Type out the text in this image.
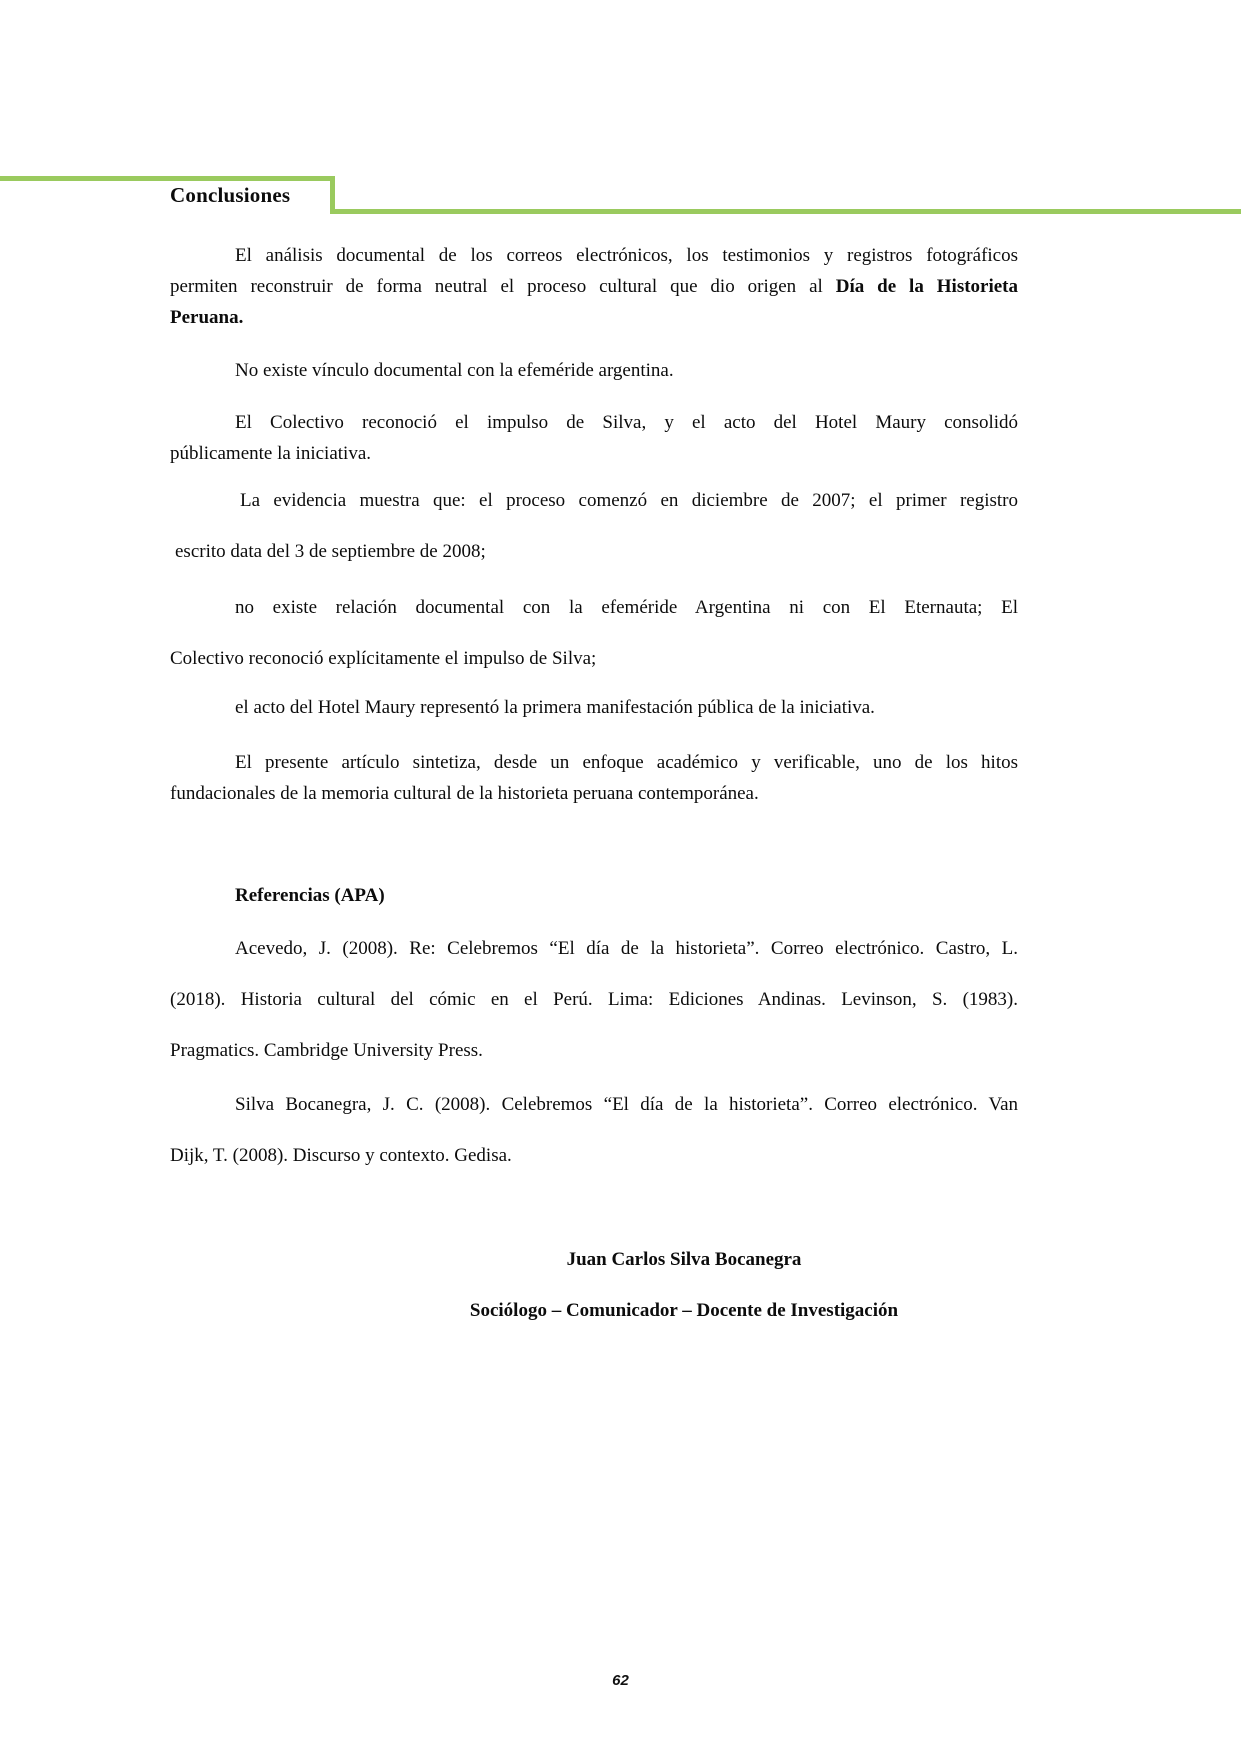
Conclusiones

El análisis documental de los correos electrónicos, los testimonios y registros fotográficos
permiten reconstruir de forma neutral el proceso cultural que dio origen al Día de la Historieta
Peruana.

No existe vínculo documental con la efeméride argentina.

El Colectivo reconoció el impulso de Silva, y el acto del Hotel Maury consolidó
públicamente la iniciativa.

La evidencia muestra que: el proceso comenzó en diciembre de 2007; el primer registro
escrito data del 3 de septiembre de 2008;

no existe relación documental con la efeméride Argentina ni con El Eternauta; El
Colectivo reconoció explícitamente el impulso de Silva;

el acto del Hotel Maury representó la primera manifestación pública de la iniciativa.

El presente artículo sintetiza, desde un enfoque académico y verificable, uno de los hitos
fundacionales de la memoria cultural de la historieta peruana contemporánea.

Referencias (APA)

Acevedo, J. (2008). Re: Celebremos “El día de la historieta”. Correo electrónico. Castro, L.
(2018). Historia cultural del cómic en el Perú. Lima: Ediciones Andinas. Levinson, S. (1983).
Pragmatics. Cambridge University Press.

Silva Bocanegra, J. C. (2008). Celebremos “El día de la historieta”. Correo electrónico. Van
Dijk, T. (2008). Discurso y contexto. Gedisa.

Juan Carlos Silva Bocanegra
Sociólogo – Comunicador – Docente de Investigación

62
